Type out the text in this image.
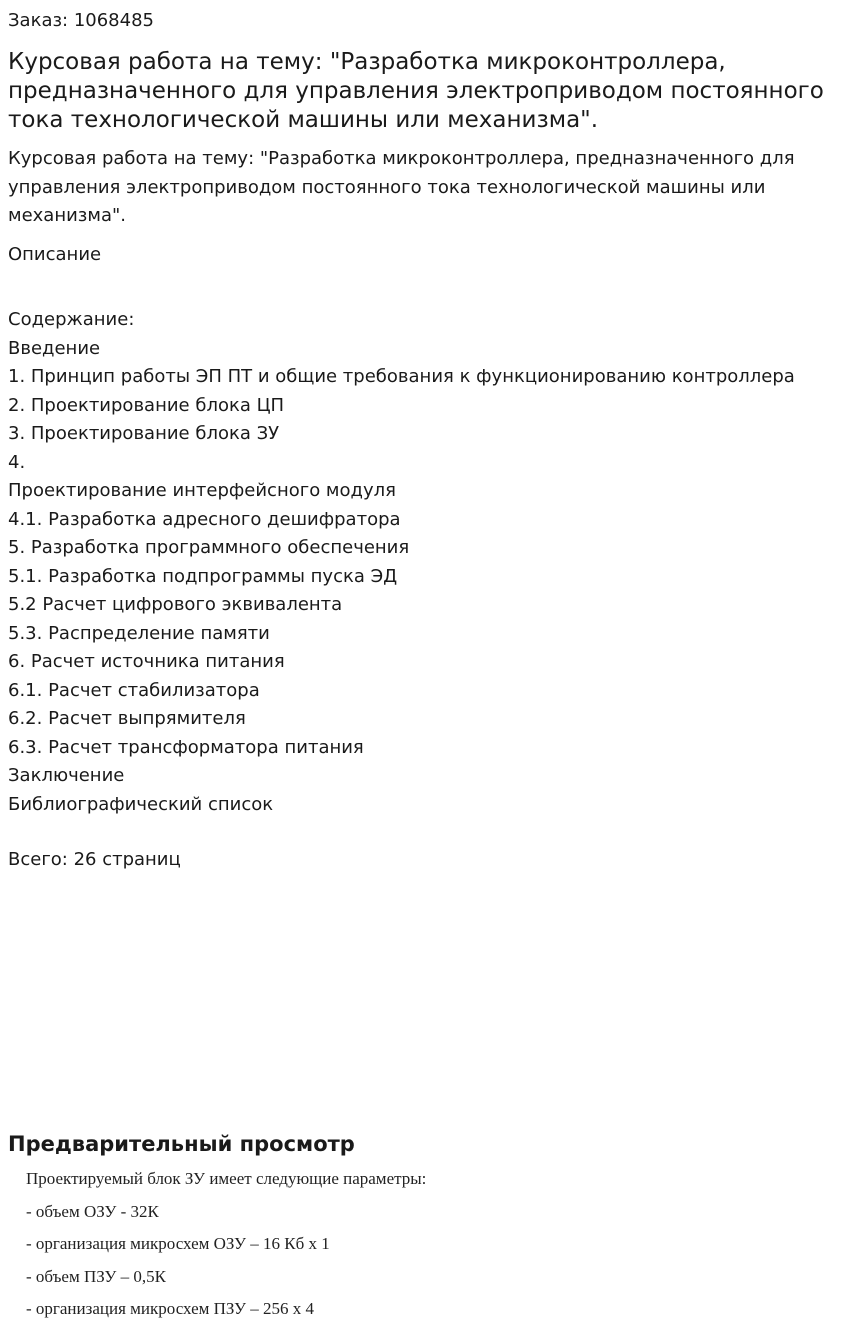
Заказ: 1068485

Курсовая работа на тему: "Разработка микроконтроллера, предназначенного для управления электроприводом постоянного тока технологической машины или механизма".

Курсовая работа на тему: "Разработка микроконтроллера, предназначенного для управления электроприводом постоянного тока технологической машины или механизма".

Описание

Содержание:
Введение
1. Принцип работы ЭП ПТ и общие требования к функционированию контроллера
2. Проектирование блока ЦП
3. Проектирование блока ЗУ
4.
Проектирование интерфейсного модуля
4.1. Разработка адресного дешифратора
5. Разработка программного обеспечения
5.1. Разработка подпрограммы пуска ЭД
5.2 Расчет цифрового эквивалента
5.3. Распределение памяти
6. Расчет источника питания
6.1. Расчет стабилизатора
6.2. Расчет выпрямителя
6.3. Расчет трансформатора питания
Заключение
Библиографический список

Всего: 26 страниц

Предварительный просмотр
Проектируемый блок ЗУ имеет следующие параметры:
- объем ОЗУ - 32К
- организация микросхем ОЗУ – 16 Кб х 1
- объем ПЗУ – 0,5К
- организация микросхем ПЗУ – 256 х 4
